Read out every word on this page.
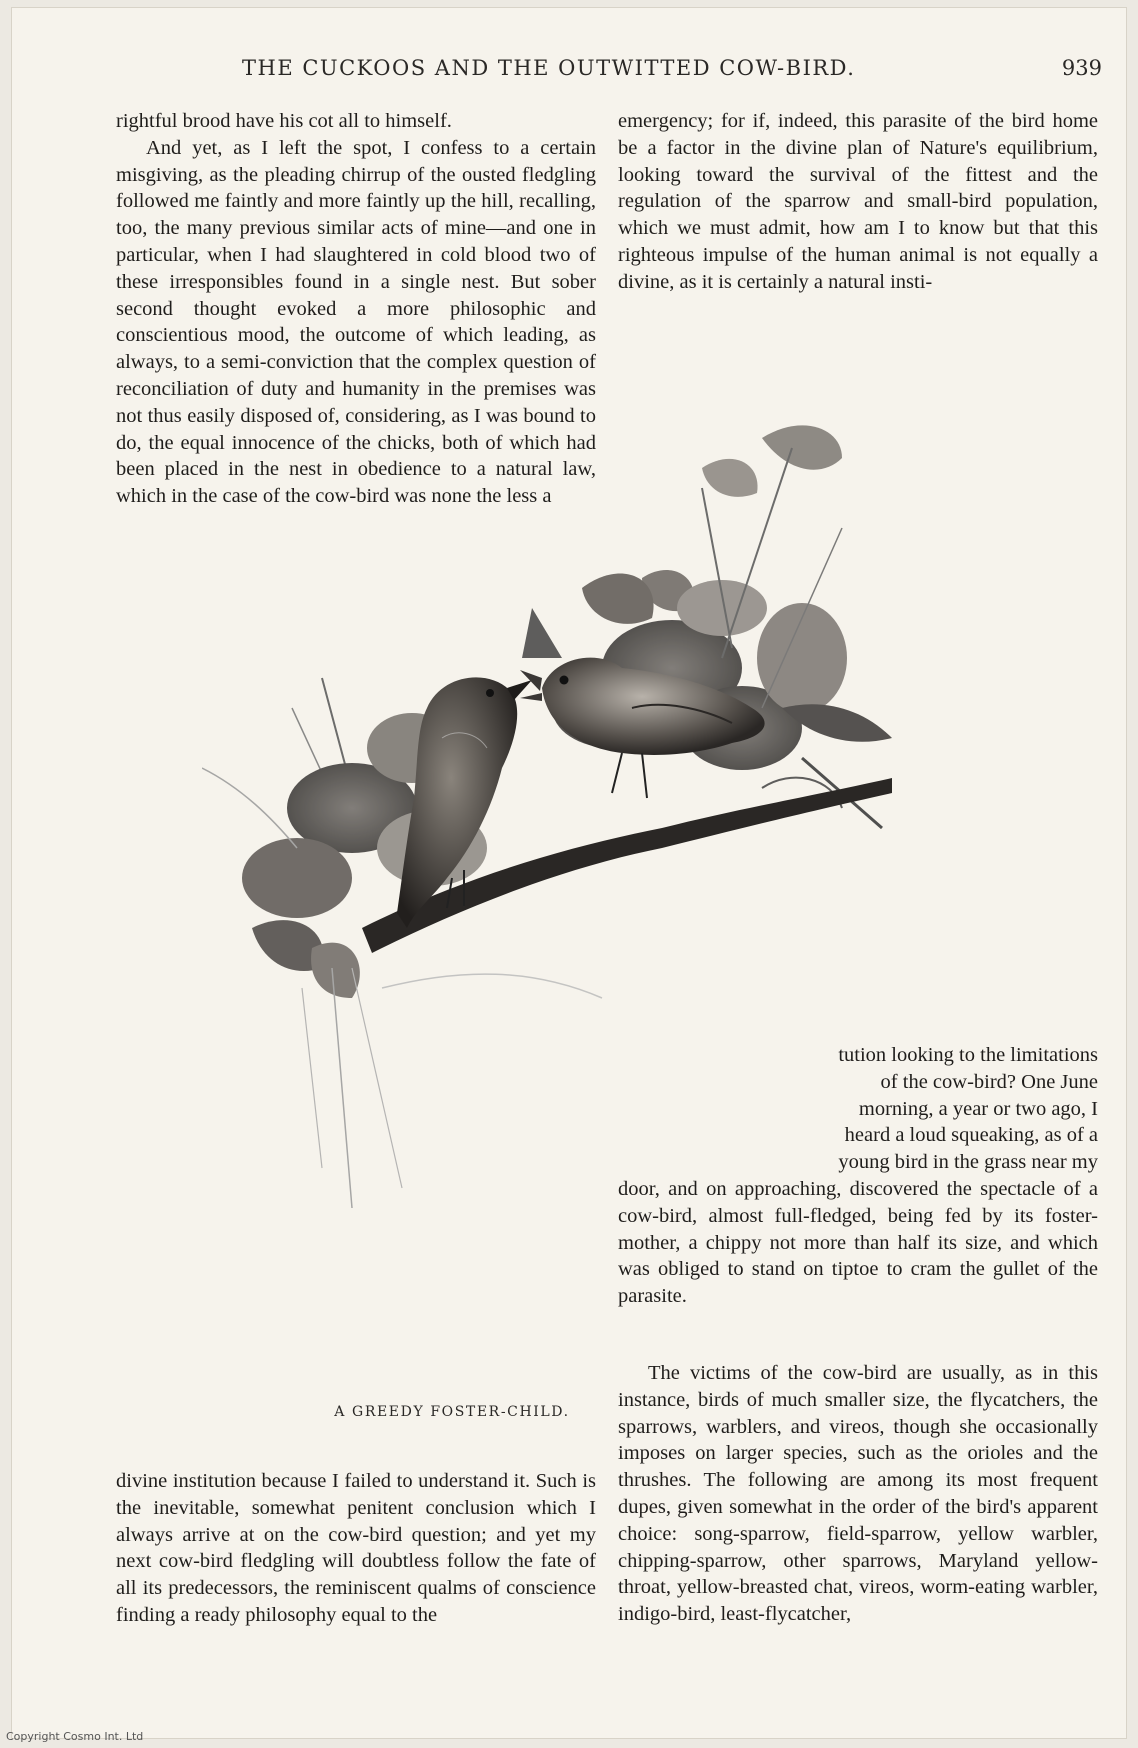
THE CUCKOOS AND THE OUTWITTED COW-BIRD.	939

rightful brood have his cot all to himself.

And yet, as I left the spot, I confess to a certain misgiving, as the pleading chirrup of the ousted fledgling followed me faintly and more faintly up the hill, recalling, too, the many previous similar acts of mine—and one in particular, when I had slaughtered in cold blood two of these irresponsibles found in a single nest. But sober second thought evoked a more philosophic and conscientious mood, the outcome of which leading, as always, to a semi-conviction that the complex question of reconciliation of duty and humanity in the premises was not thus easily disposed of, considering, as I was bound to do, the equal innocence of the chicks, both of which had been placed in the nest in obedience to a natural law, which in the case of the cow-bird was none the less a

emergency; for if, indeed, this parasite of the bird home be a factor in the divine plan of Nature's equilibrium, looking toward the survival of the fittest and the regulation of the sparrow and small-bird population, which we must admit, how am I to know but that this righteous impulse of the human animal is not equally a divine, as it is certainly a natural insti-

tution looking to the limitations

of the cow-bird? One June

morning, a year or two ago, I

heard a loud squeaking, as of a

young bird in the grass near my

door, and on approaching, discovered the spectacle of a cow-bird, almost full-fledged, being fed by its foster-mother, a chippy not more than half its size, and which was obliged to stand on tiptoe to cram the gullet of the parasite.

A GREEDY FOSTER-CHILD.

divine institution because I failed to understand it. Such is the inevitable, somewhat penitent conclusion which I always arrive at on the cow-bird question; and yet my next cow-bird fledgling will doubtless follow the fate of all its predecessors, the reminiscent qualms of conscience finding a ready philosophy equal to the

The victims of the cow-bird are usually, as in this instance, birds of much smaller size, the flycatchers, the sparrows, warblers, and vireos, though she occasionally imposes on larger species, such as the orioles and the thrushes. The following are among its most frequent dupes, given somewhat in the order of the bird's apparent choice: song-sparrow, field-sparrow, yellow warbler, chipping-sparrow, other sparrows, Maryland yellow-throat, yellow-breasted chat, vireos, worm-eating warbler, indigo-bird, least-flycatcher,

Copyright Cosmo Int. Ltd
